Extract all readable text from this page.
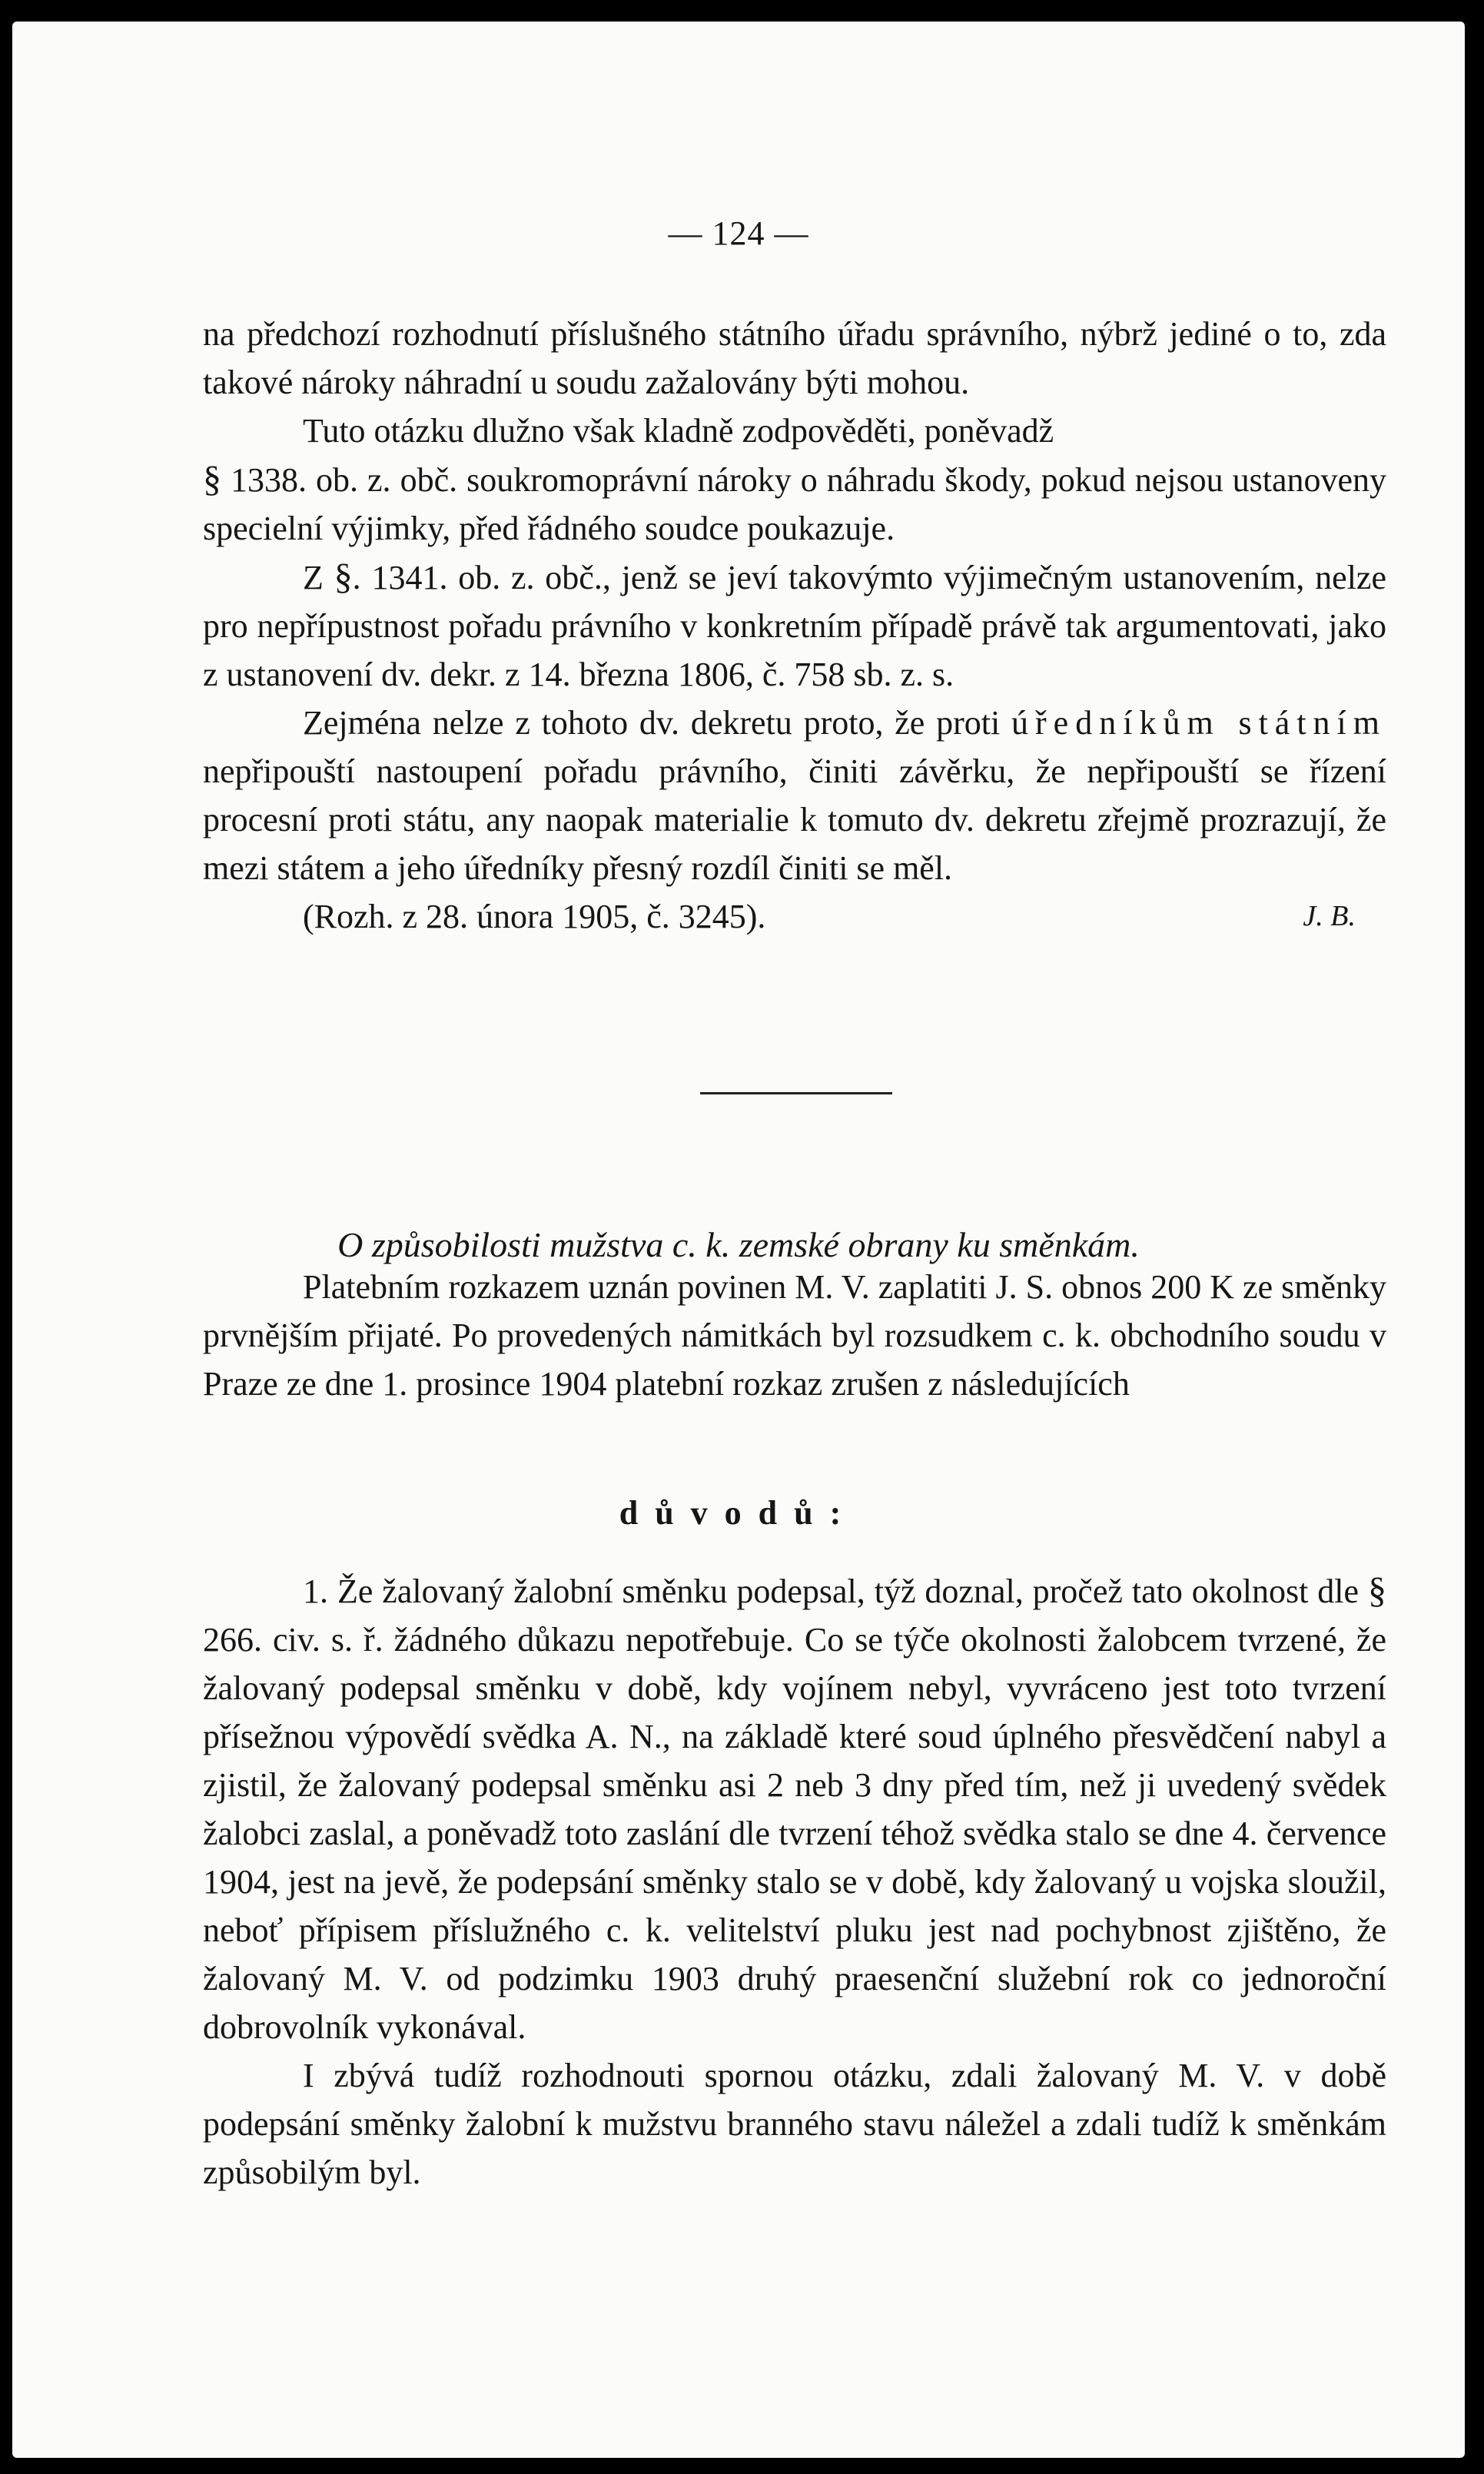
— 124 —

na předchozí rozhodnutí příslušného státního úřadu správního, nýbrž jediné o to, zda takové nároky náhradní u soudu zažalovány býti mohou.

Tuto otázku dlužno však kladně zodpověděti, poněvadž
§ 1338. ob. z. obč. soukromoprávní nároky o náhradu škody, pokud nejsou ustanoveny specielní výjimky, před řádného soudce poukazuje.

Z §. 1341. ob. z. obč., jenž se jeví takovýmto výjimečným ustanovením, nelze pro nepřípustnost pořadu právního v konkretním případě právě tak argumentovati, jako z ustanovení dv. dekr. z 14. března 1806, č. 758 sb. z. s.

Zejména nelze z tohoto dv. dekretu proto, že proti úředníkům státním nepřipouští nastoupení pořadu právního, činiti závěrku, že nepřipouští se řízení procesní proti státu, any naopak materialie k tomuto dv. dekretu zřejmě prozrazují, že mezi státem a jeho úředníky přesný rozdíl činiti se měl.

(Rozh. z 28. února 1905, č. 3245).	J. B.

O způsobilosti mužstva c. k. zemské obrany ku směnkám.

Platebním rozkazem uznán povinen M. V. zaplatiti J. S. obnos 200 K ze směnky prvnějším přijaté. Po provedených námitkách byl rozsudkem c. k. obchodního soudu v Praze ze dne 1. prosince 1904 platební rozkaz zrušen z následujících

důvodů:

1. Že žalovaný žalobní směnku podepsal, týž doznal, pročež tato okolnost dle § 266. civ. s. ř. žádného důkazu nepotřebuje. Co se týče okolnosti žalobcem tvrzené, že žalovaný podepsal směnku v době, kdy vojínem nebyl, vyvráceno jest toto tvrzení přísežnou výpovědí svědka A. N., na základě které soud úplného přesvědčení nabyl a zjistil, že žalovaný podepsal směnku asi 2 neb 3 dny před tím, než ji uvedený svědek žalobci zaslal, a poněvadž toto zaslání dle tvrzení téhož svědka stalo se dne 4. července 1904, jest na jevě, že podepsání směnky stalo se v době, kdy žalovaný u vojska sloužil, neboť přípisem příslužného c. k. velitelství pluku jest nad pochybnost zjištěno, že žalovaný M. V. od podzimku 1903 druhý praesenční služební rok co jednoroční dobrovolník vykonával.

I zbývá tudíž rozhodnouti spornou otázku, zdali žalovaný M. V. v době podepsání směnky žalobní k mužstvu branného stavu náležel a zdali tudíž k směnkám způsobilým byl.
